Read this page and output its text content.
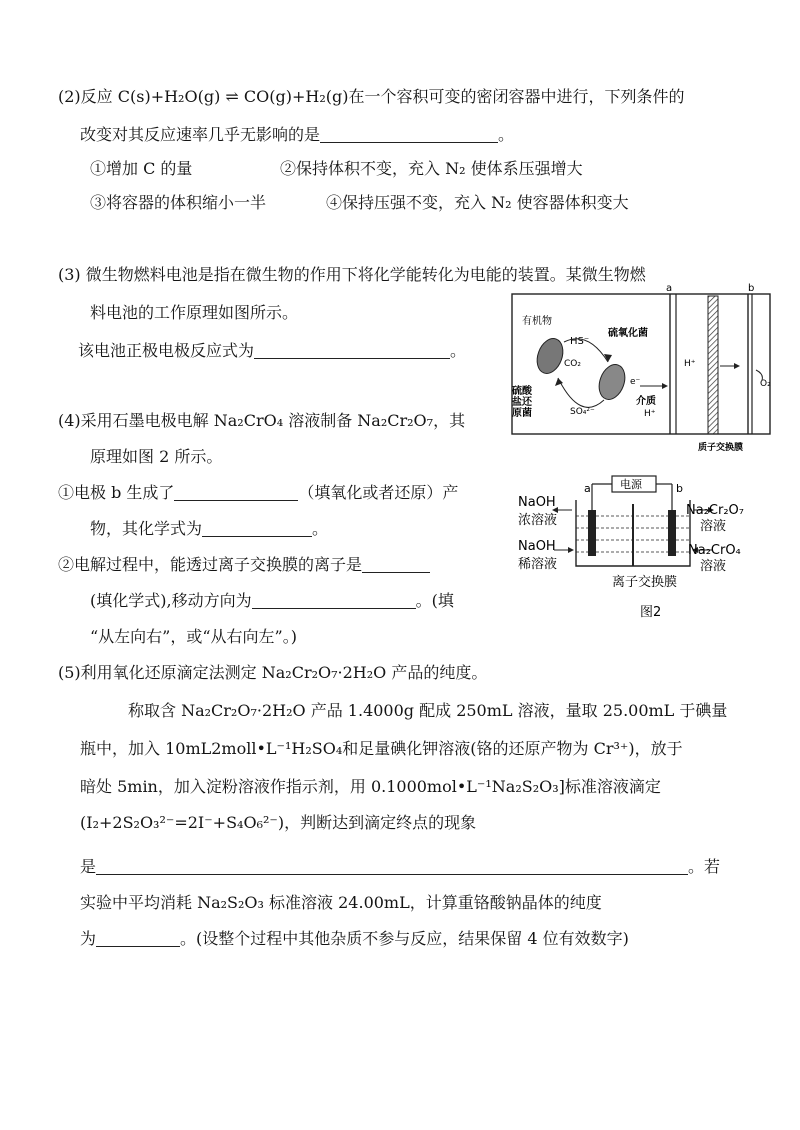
(2)反应 C(s)+H₂O(g) ⇌ CO(g)+H₂(g)在一个容积可变的密闭容器中进行，下列条件的
改变对其反应速率几乎无影响的是	。
①增加 C 的量	②保持体积不变，充入 N₂ 使体系压强增大
③将容器的体积缩小一半	④保持压强不变，充入 N₂ 使容器体积变大
(3) 微生物燃料电池是指在微生物的作用下将化学能转化为电能的装置。某微生物燃
料电池的工作原理如图所示。
该电池正极电极反应式为	。
a	b
有机物
HS⁻
CO₂
硫酸
盐还
原菌
硫氧化菌
SO₄²⁻
e⁻
介质
H⁺
H⁺
O₂
质子交换膜
(4)采用石墨电极电解 Na₂CrO₄ 溶液制备 Na₂Cr₂O₇，其
原理如图 2 所示。
①电极 b 生成了	（填氧化或者还原）产
物，其化学式为	。
②电解过程中，能透过离子交换膜的离子是
(填化学式),移动方向为	。(填
“从左向右”，或“从右向左”。)
电源
a	b
NaOH
浓溶液
NaOH
稀溶液
Na₂Cr₂O₇
溶液
Na₂CrO₄
溶液
离子交换膜
图2
(5)利用氧化还原滴定法测定 Na₂Cr₂O₇·2H₂O 产品的纯度。
称取含 Na₂Cr₂O₇·2H₂O 产品 1.4000g 配成 250mL 溶液，量取 25.00mL 于碘量
瓶中，加入 10mL2moll•L⁻¹H₂SO₄和足量碘化钾溶液(铬的还原产物为 Cr³⁺)，放于
暗处 5min，加入淀粉溶液作指示剂，用 0.1000mol•L⁻¹Na₂S₂O₃]标准溶液滴定
(I₂+2S₂O₃²⁻=2I⁻+S₄O₆²⁻)，判断达到滴定终点的现象
是	。若
实验中平均消耗 Na₂S₂O₃ 标准溶液 24.00mL，计算重铬酸钠晶体的纯度
为	。(设整个过程中其他杂质不参与反应，结果保留 4 位有效数字)
